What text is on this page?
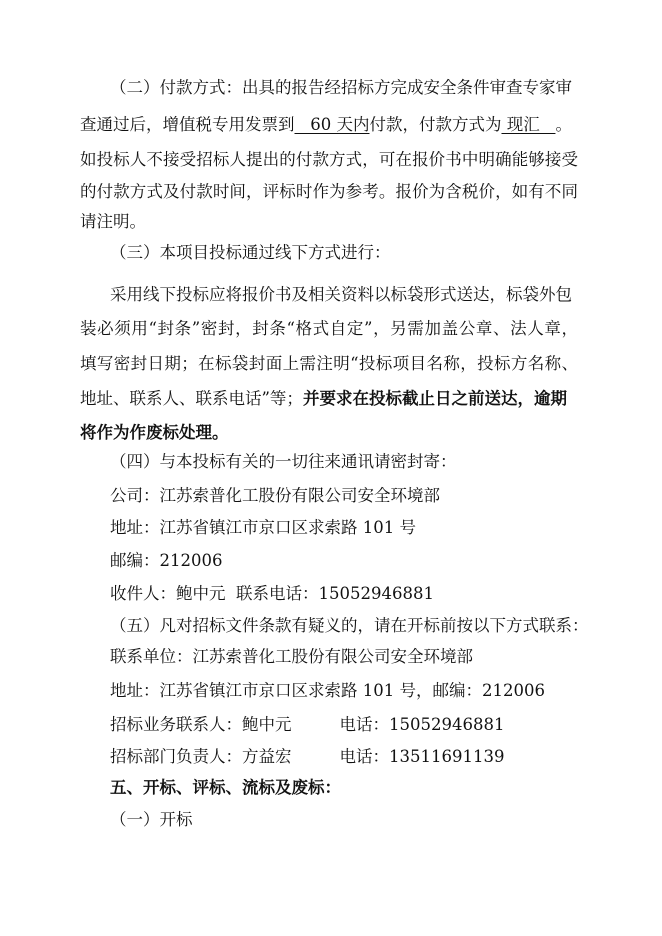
（二）付款方式：出具的报告经招标方完成安全条件审查专家审
查通过后，增值税专用发票到   60 天内付款，付款方式为 现汇   。
如投标人不接受招标人提出的付款方式，可在报价书中明确能够接受
的付款方式及付款时间，评标时作为参考。报价为含税价，如有不同
请注明。
（三）本项目投标通过线下方式进行：
采用线下投标应将报价书及相关资料以标袋形式送达，标袋外包
装必须用“封条”密封，封条“格式自定”，另需加盖公章、法人章，
填写密封日期；在标袋封面上需注明“投标项目名称，投标方名称、
地址、联系人、联系电话”等；并要求在投标截止日之前送达，逾期
将作为作废标处理。
（四）与本投标有关的一切往来通讯请密封寄：
公司：江苏索普化工股份有限公司安全环境部
地址：江苏省镇江市京口区求索路 101 号
邮编：212006
收件人：鲍中元  联系电话：15052946881
（五）凡对招标文件条款有疑义的，请在开标前按以下方式联系：
联系单位：江苏索普化工股份有限公司安全环境部
地址：江苏省镇江市京口区求索路 101 号，邮编：212006
招标业务联系人：鲍中元	电话：15052946881
招标部门负责人：方益宏	电话：13511691139
五、开标、评标、流标及废标：
（一）开标
